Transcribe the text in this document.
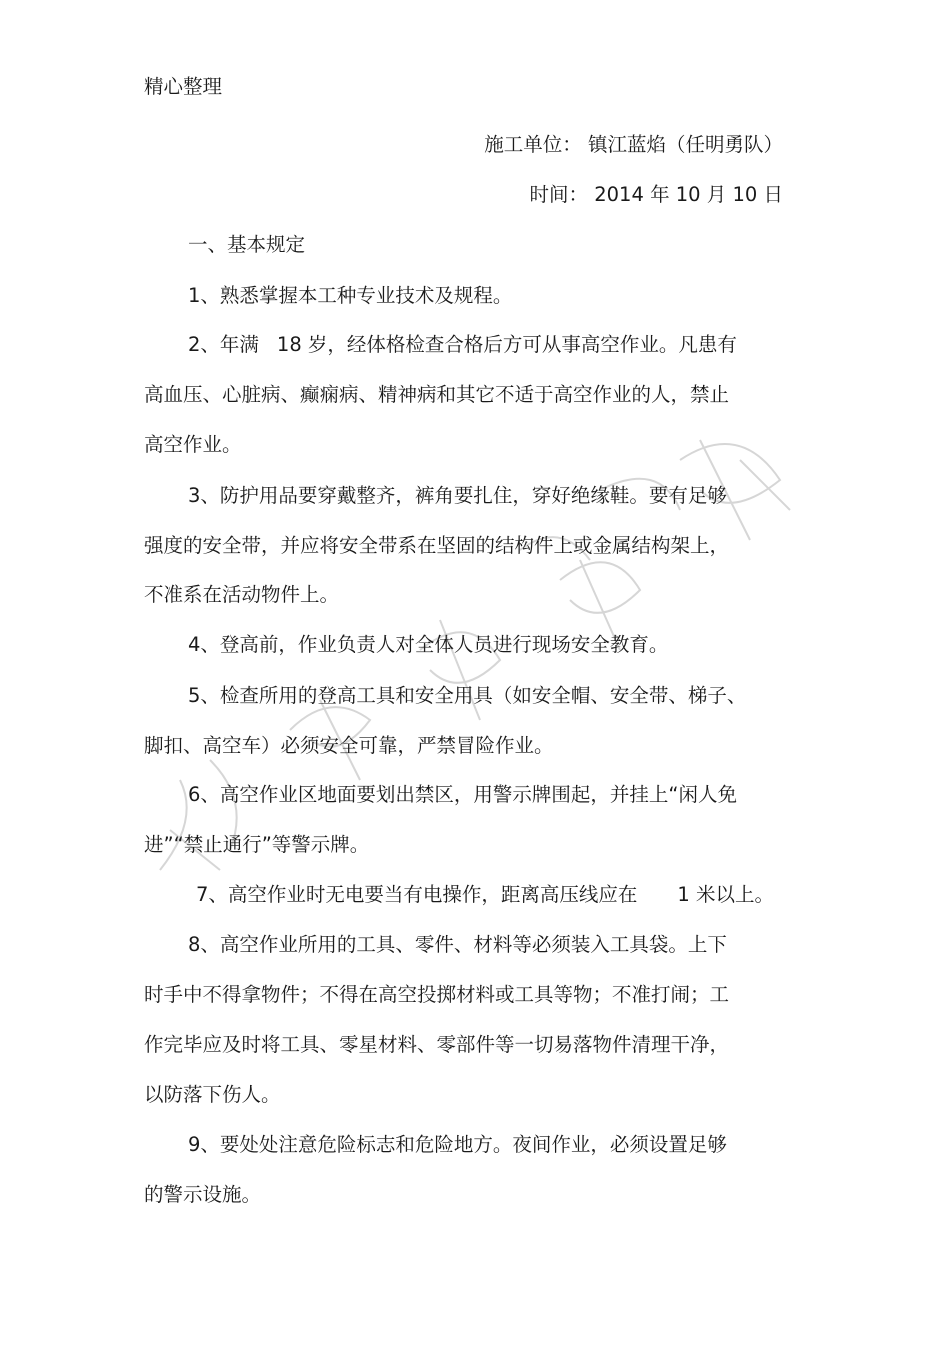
精心整理
施工单位： 镇江蓝焰（任明勇队）
时间： 2014 年 10 月 10 日
一、基本规定
1、熟悉掌握本工种专业技术及规程。
2、年满 18 岁，经体格检查合格后方可从事高空作业。凡患有
高血压、心脏病、癫痫病、精神病和其它不适于高空作业的人，禁止
高空作业。
3、防护用品要穿戴整齐，裤角要扎住，穿好绝缘鞋。要有足够
强度的安全带，并应将安全带系在坚固的结构件上或金属结构架上，
不准系在活动物件上。
4、登高前，作业负责人对全体人员进行现场安全教育。
5、检查所用的登高工具和安全用具（如安全帽、安全带、梯子、
脚扣、高空车）必须安全可靠，严禁冒险作业。
6、高空作业区地面要划出禁区，用警示牌围起，并挂上“闲人免
进”“禁止通行”等警示牌。
7、高空作业时无电要当有电操作，距离高压线应在 1 米以上。
8、高空作业所用的工具、零件、材料等必须装入工具袋。上下
时手中不得拿物件；不得在高空投掷材料或工具等物；不准打闹；工
作完毕应及时将工具、零星材料、零部件等一切易落物件清理干净，
以防落下伤人。
9、要处处注意危险标志和危险地方。夜间作业，必须设置足够
的警示设施。
